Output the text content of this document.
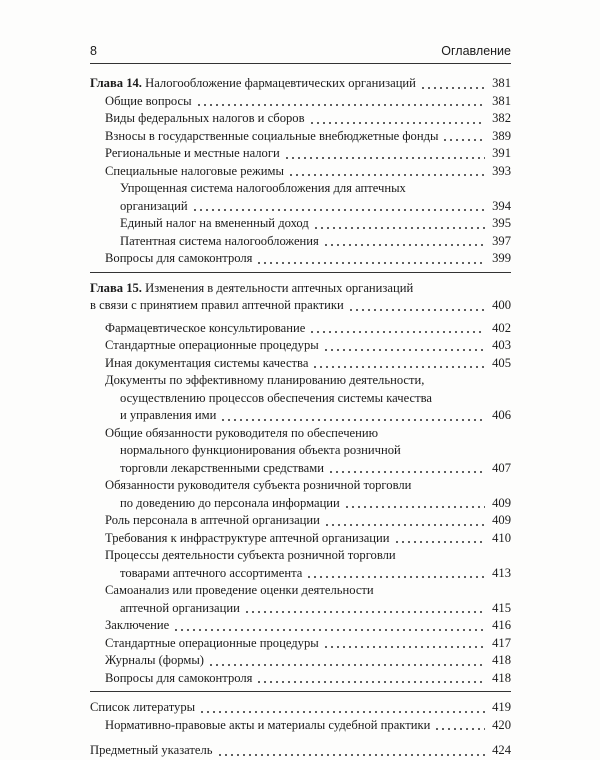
8	Оглавление
Глава 14. Налогообложение фармацевтических организаций	381
Общие вопросы	381
Виды федеральных налогов и сборов	382
Взносы в государственные социальные внебюджетные фонды	389
Региональные и местные налоги	391
Специальные налоговые режимы	393
Упрощенная система налогообложения для аптечных
организаций	394
Единый налог на вмененный доход	395
Патентная система налогообложения	397
Вопросы для самоконтроля	399
Глава 15. Изменения в деятельности аптечных организаций
в связи с принятием правил аптечной практики	400
Фармацевтическое консультирование	402
Стандартные операционные процедуры	403
Иная документация системы качества	405
Документы по эффективному планированию деятельности,
осуществлению процессов обеспечения системы качества
и управления ими	406
Общие обязанности руководителя по обеспечению
нормального функционирования объекта розничной
торговли лекарственными средствами	407
Обязанности руководителя субъекта розничной торговли
по доведению до персонала информации	409
Роль персонала в аптечной организации	409
Требования к инфраструктуре аптечной организации	410
Процессы деятельности субъекта розничной торговли
товарами аптечного ассортимента	413
Самоанализ или проведение оценки деятельности
аптечной организации	415
Заключение	416
Стандартные операционные процедуры	417
Журналы (формы)	418
Вопросы для самоконтроля	418
Список литературы	419
Нормативно-правовые акты и материалы судебной практики	420
Предметный указатель	424
